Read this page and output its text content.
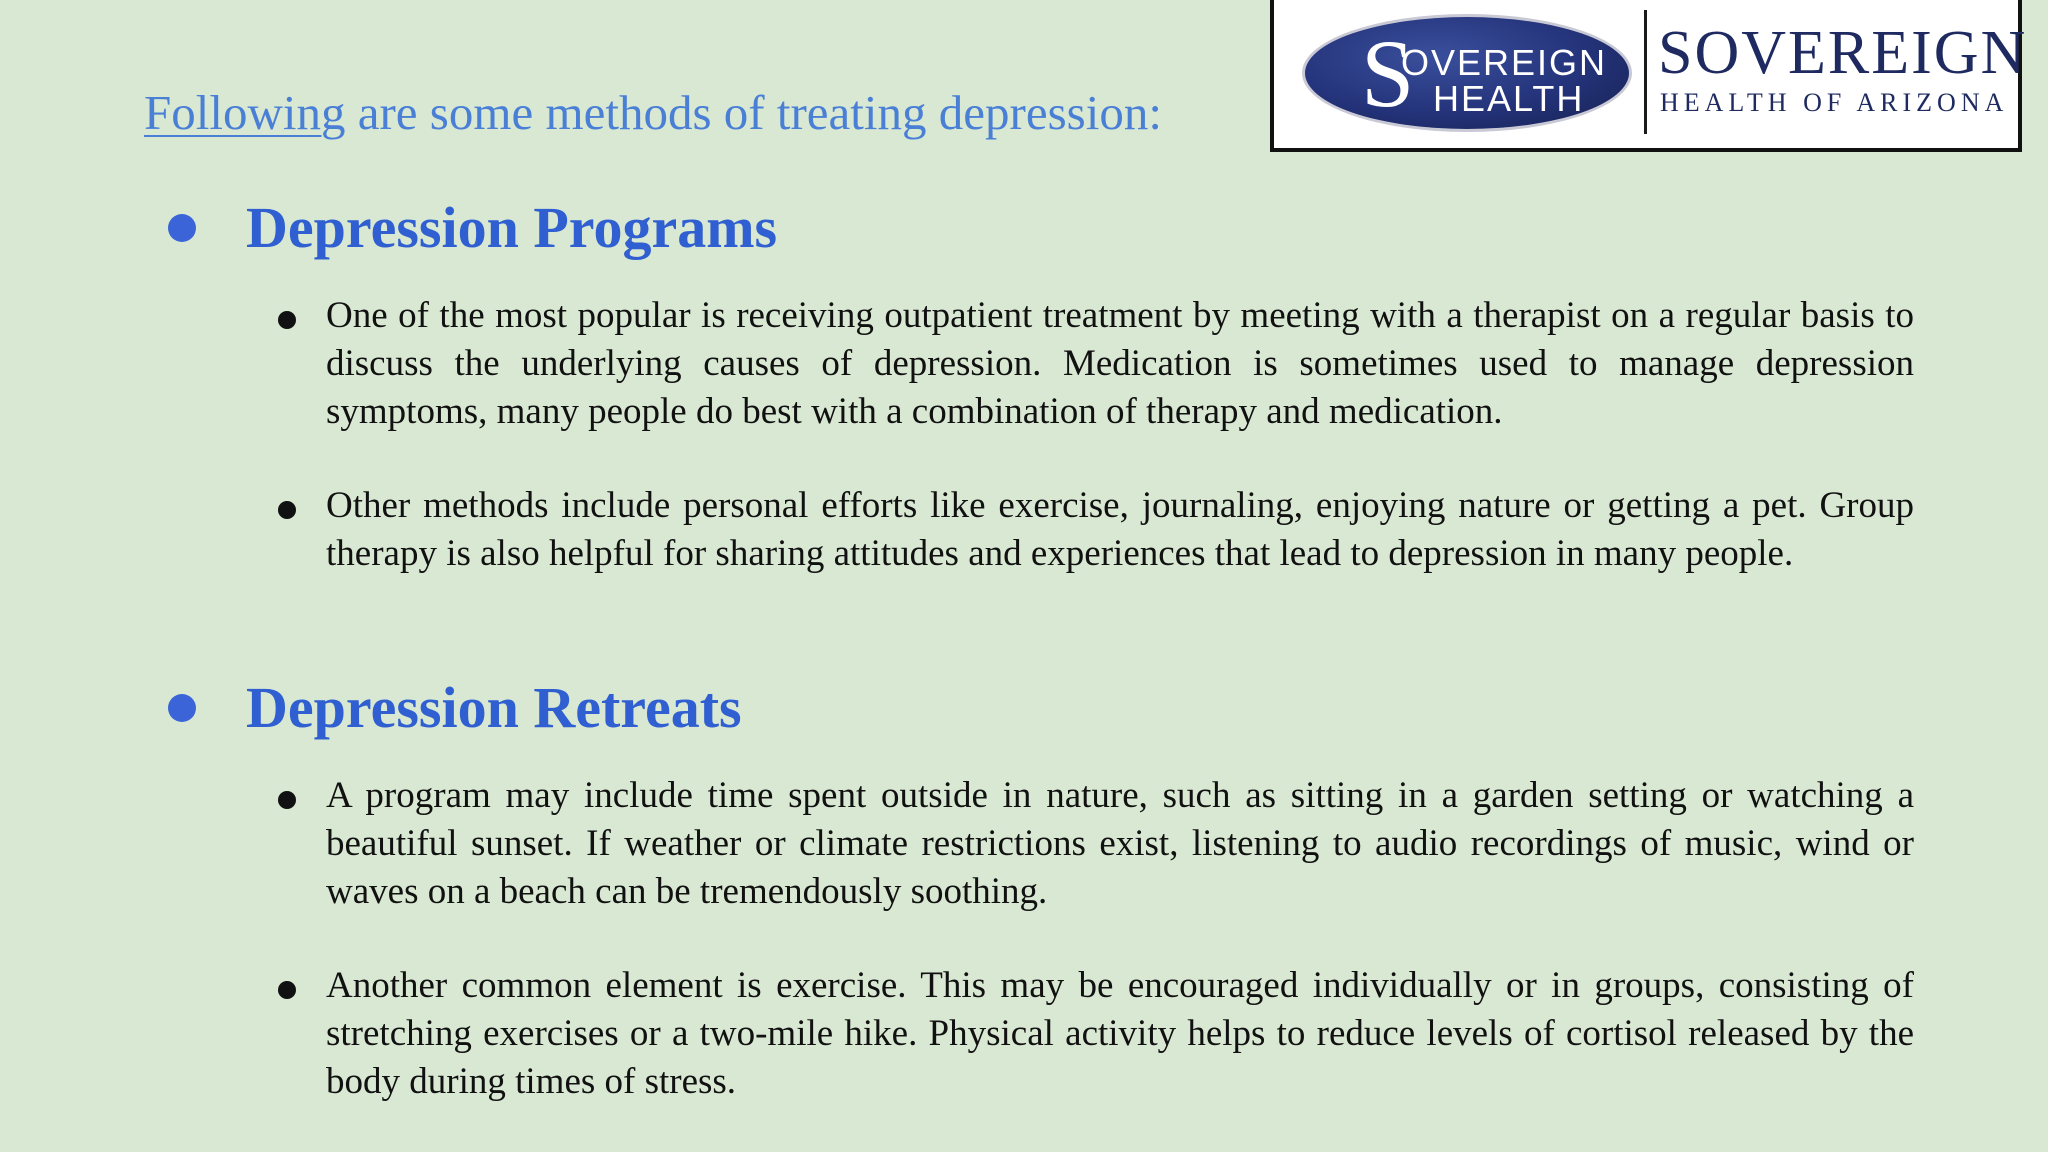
Following are some methods of treating depression: S
OVEREIGN
HEALTH
SOVEREIGN
HEALTH OF ARIZONA
Depression Programs
One of the most popular is receiving outpatient treatment by meeting with a therapist on a regular basis to discuss the underlying causes of depression. Medication is sometimes used to manage depression symptoms, many people do best with a combination of therapy and medication.
Other methods include personal efforts like exercise, journaling, enjoying nature or getting a pet. Group therapy is also helpful for sharing attitudes and experiences that lead to depression in many people.
Depression Retreats
A program may include time spent outside in nature, such as sitting in a garden setting or watching a beautiful sunset. If weather or climate restrictions exist, listening to audio recordings of music, wind or waves on a beach can be tremendously soothing.
Another common element is exercise. This may be encouraged individually or in groups, consisting of stretching exercises or a two-mile hike. Physical activity helps to reduce levels of cortisol released by the body during times of stress.
